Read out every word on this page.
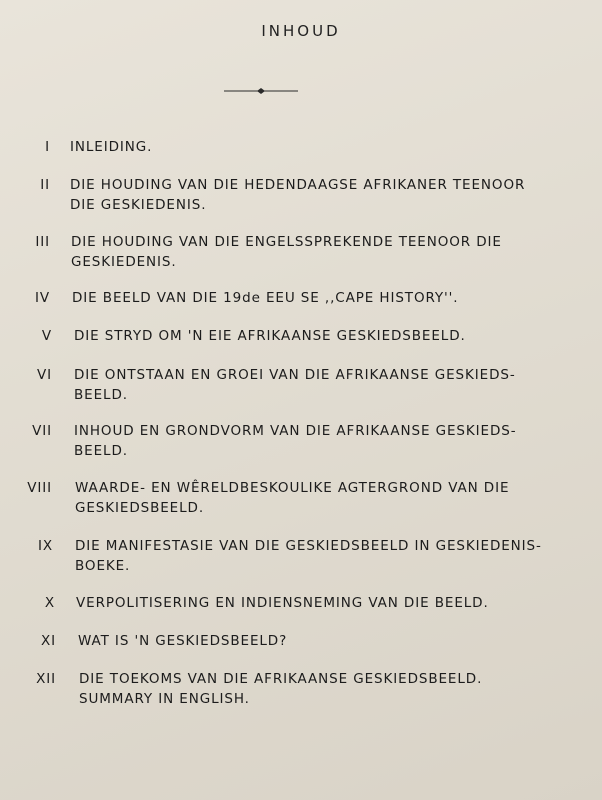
INHOUD
I INLEIDING.
II DIE HOUDING VAN DIE HEDENDAAGSE AFRIKANER TEENOOR
DIE GESKIEDENIS.
III DIE HOUDING VAN DIE ENGELSSPREKENDE TEENOOR DIE
GESKIEDENIS.
IV DIE BEELD VAN DIE 19de EEU SE ,,CAPE HISTORY''.
V DIE STRYD OM 'N EIE AFRIKAANSE GESKIEDSBEELD.
VI DIE ONTSTAAN EN GROEI VAN DIE AFRIKAANSE GESKIEDS-
BEELD.
VII INHOUD EN GRONDVORM VAN DIE AFRIKAANSE GESKIEDS-
BEELD.
VIII WAARDE- EN WÊRELDBESKOULIKE AGTERGROND VAN DIE
GESKIEDSBEELD.
IX DIE MANIFESTASIE VAN DIE GESKIEDSBEELD IN GESKIEDENIS-
BOEKE.
X VERPOLITISERING EN INDIENSNEMING VAN DIE BEELD.
XI WAT IS 'N GESKIEDSBEELD?
XII DIE TOEKOMS VAN DIE AFRIKAANSE GESKIEDSBEELD.
SUMMARY IN ENGLISH.
